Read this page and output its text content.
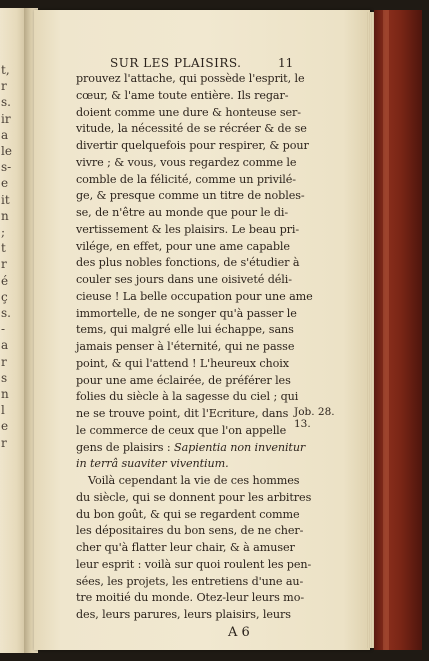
t,
r
s.
ir
a
le
s-
e
it
n
;
t
r
é
ç
s.
-
a
r
s
n
l
e
r
SUR LES PLAISIRS.	11
prouvez l'attache, qui possède l'esprit, le
cœur, & l'ame toute entière. Ils regar-
doient comme une dure & honteuse ser-
vitude, la nécessité de se récréer & de se
divertir quelquefois pour respirer, & pour
vivre ; & vous, vous regardez comme le
comble de la félicité, comme un privilé-
ge, & presque comme un titre de nobles-
se, de n'être au monde que pour le di-
vertissement & les plaisirs. Le beau pri-
vilége, en effet, pour une ame capable
des plus nobles fonctions, de s'étudier à
couler ses jours dans une oisiveté déli-
cieuse ! La belle occupation pour une ame
immortelle, de ne songer qu'à passer le
tems, qui malgré elle lui échappe, sans
jamais penser à l'éternité, qui ne passe
point, & qui l'attend ! L'heureux choix
pour une ame éclairée, de préférer les
folies du siècle à la sagesse du ciel ; qui
ne se trouve point, dit l'Ecriture, dans
le commerce de ceux que l'on appelle
gens de plaisirs : Sapientia non invenitur
in terrâ suaviter viventium.
Voilà cependant la vie de ces hommes
du siècle, qui se donnent pour les arbitres
du bon goût, & qui se regardent comme
les dépositaires du bon sens, de ne cher-
cher qu'à flatter leur chair, & à amuser
leur esprit : voilà sur quoi roulent les pen-
sées, les projets, les entretiens d'une au-
tre moitié du monde. Otez-leur leurs mo-
des, leurs parures, leurs plaisirs, leurs
Job. 28.
13.
A 6
